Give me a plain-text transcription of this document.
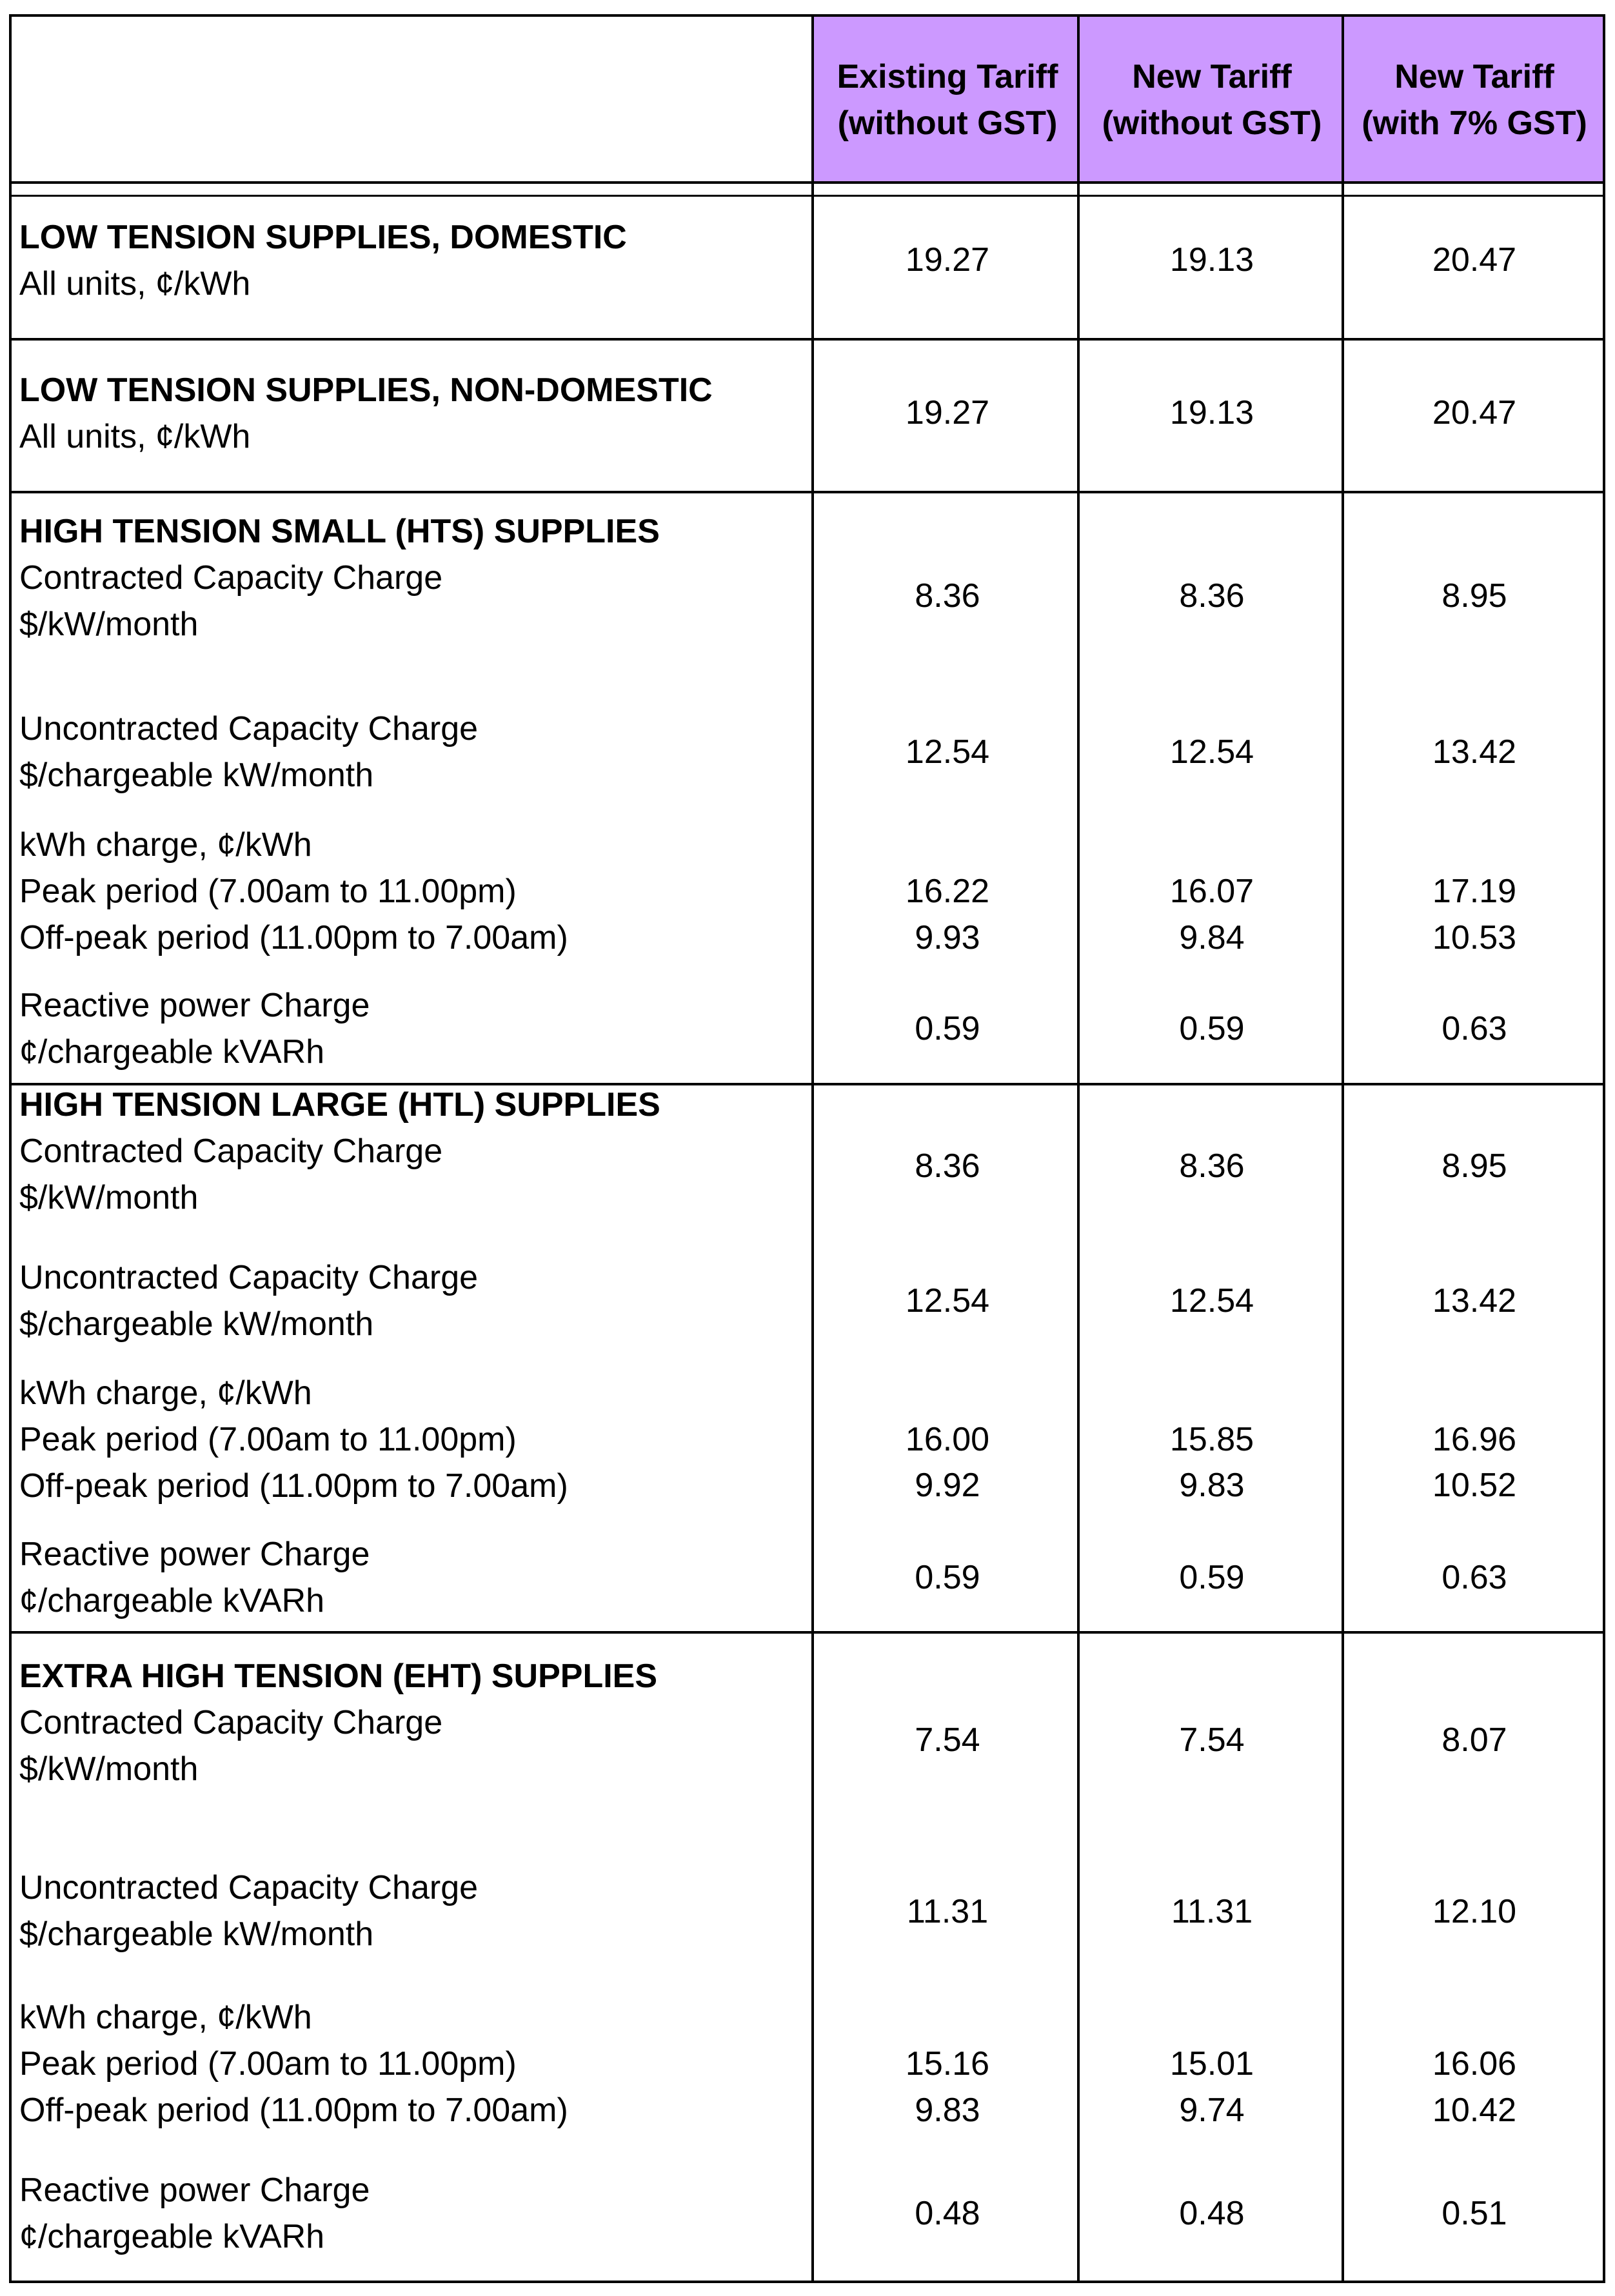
Existing Tariff
(without GST)
New Tariff
(without GST)
New Tariff
(with 7% GST)
LOW TENSION SUPPLIES, DOMESTIC
All units, ¢/kWh
19.27	19.13	20.47
LOW TENSION SUPPLIES, NON-DOMESTIC
All units, ¢/kWh
19.27	19.13	20.47
HIGH TENSION SMALL (HTS) SUPPLIES
Contracted Capacity Charge
$/kW/month
8.36	8.36	8.95
Uncontracted Capacity Charge
$/chargeable kW/month
12.54	12.54	13.42
kWh charge, ¢/kWh
Peak period (7.00am to 11.00pm)
Off-peak period (11.00pm to 7.00am)
16.22	16.07	17.19
9.93	9.84	10.53
Reactive power Charge
¢/chargeable kVARh
0.59	0.59	0.63
HIGH TENSION LARGE (HTL) SUPPLIES
Contracted Capacity Charge
$/kW/month
8.36	8.36	8.95
Uncontracted Capacity Charge
$/chargeable kW/month
12.54	12.54	13.42
kWh charge, ¢/kWh
Peak period (7.00am to 11.00pm)
Off-peak period (11.00pm to 7.00am)
16.00	15.85	16.96
9.92	9.83	10.52
Reactive power Charge
¢/chargeable kVARh
0.59	0.59	0.63
EXTRA HIGH TENSION (EHT) SUPPLIES
Contracted Capacity Charge
$/kW/month
7.54	7.54	8.07
Uncontracted Capacity Charge
$/chargeable kW/month
11.31	11.31	12.10
kWh charge, ¢/kWh
Peak period (7.00am to 11.00pm)
Off-peak period (11.00pm to 7.00am)
15.16	15.01	16.06
9.83	9.74	10.42
Reactive power Charge
¢/chargeable kVARh
0.48	0.48	0.51
